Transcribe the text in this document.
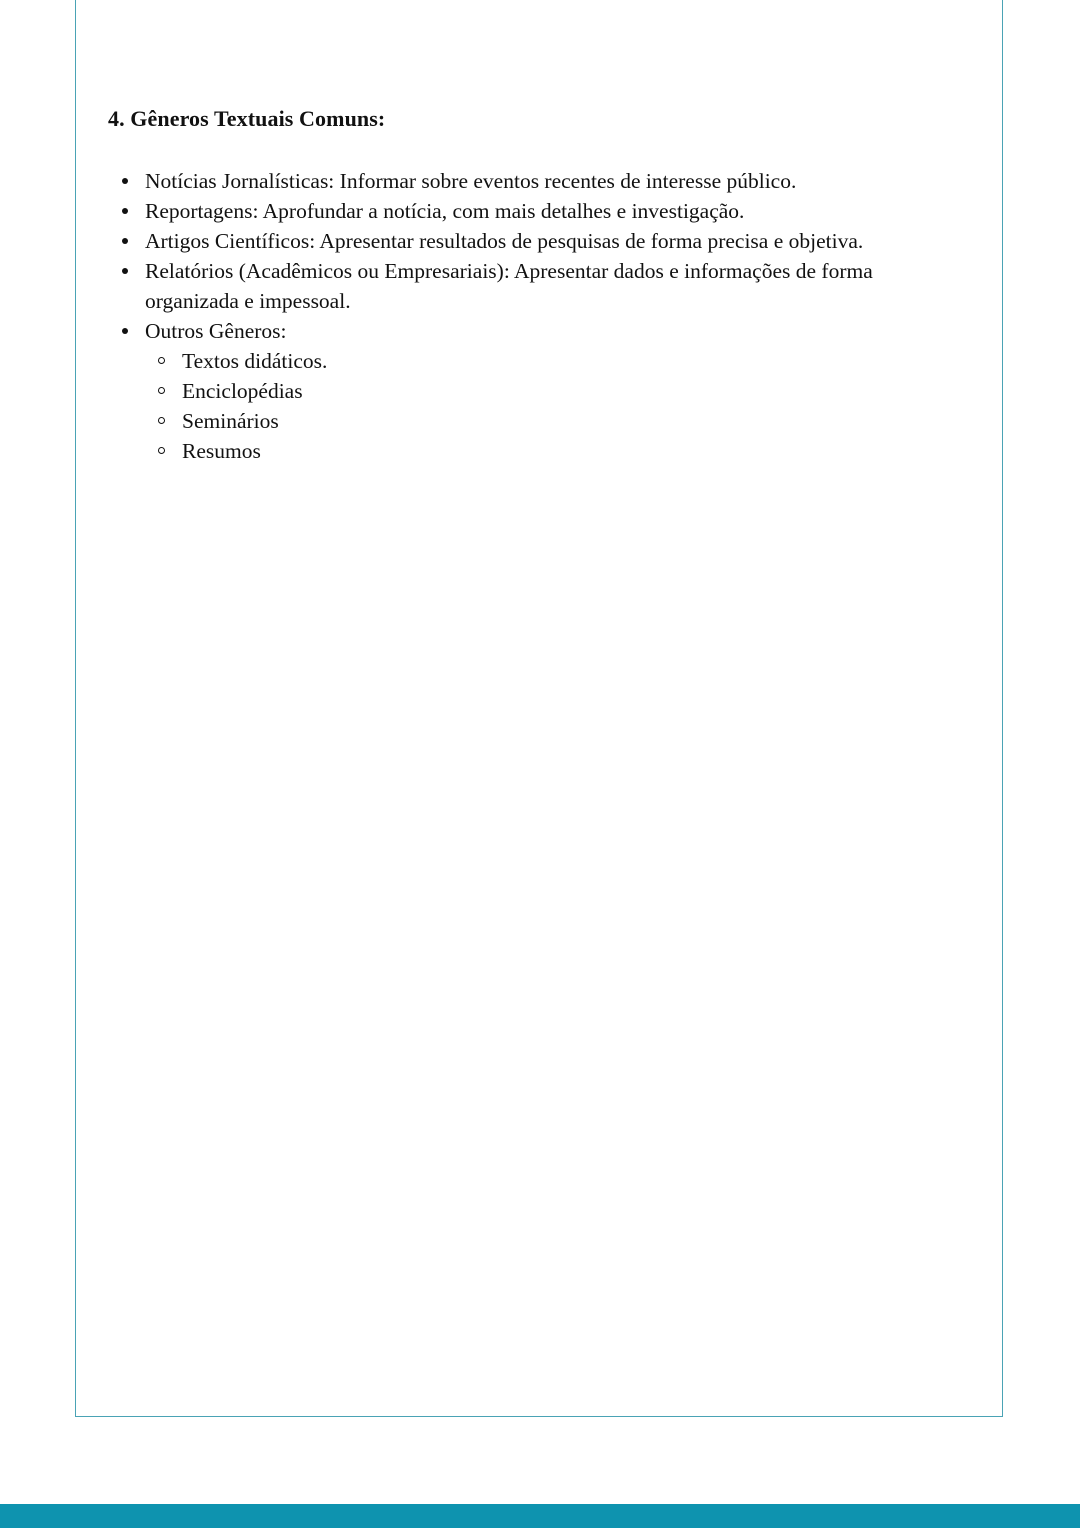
4. Gêneros Textuais Comuns:
Notícias Jornalísticas: Informar sobre eventos recentes de interesse público.
Reportagens: Aprofundar a notícia, com mais detalhes e investigação.
Artigos Científicos: Apresentar resultados de pesquisas de forma precisa e objetiva.
Relatórios (Acadêmicos ou Empresariais): Apresentar dados e informações de forma organizada e impessoal.
Outros Gêneros:
Textos didáticos.
Enciclopédias
Seminários
Resumos
